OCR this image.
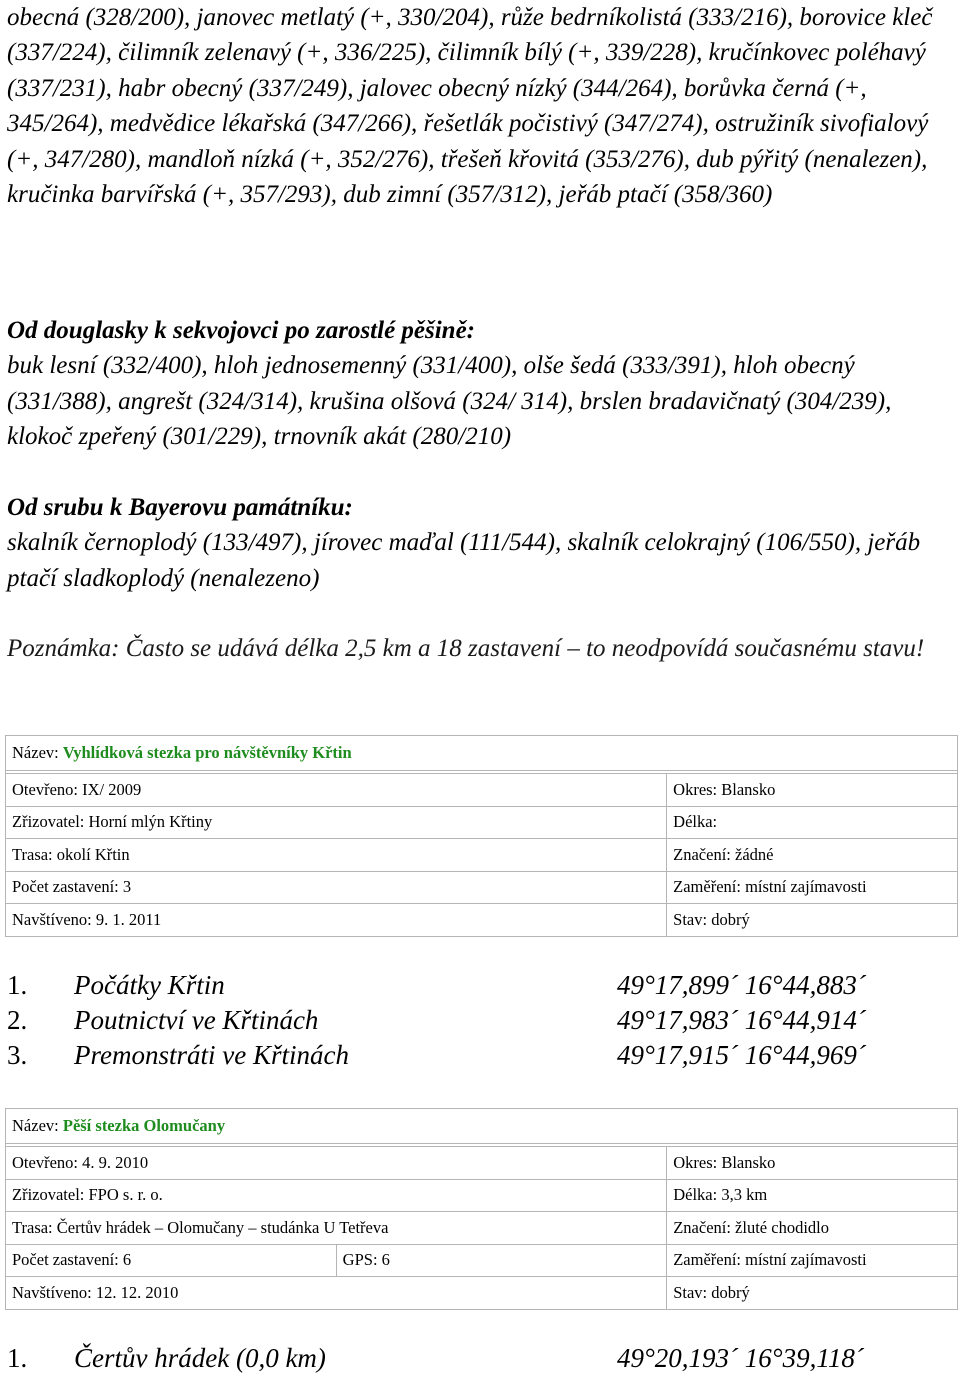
obecná (328/200), janovec metlatý (+, 330/204), růže bedrníkolistá (333/216), borovice kleč (337/224), čilimník zelenavý (+, 336/225), čilimník bílý (+, 339/228), kručínkovec poléhavý (337/231), habr obecný (337/249), jalovec obecný nízký (344/264), borůvka černá (+, 345/264), medvědice lékařská (347/266), řešetlák počistivý (347/274), ostružiník sivofialový (+, 347/280), mandloň nízká (+, 352/276), třešeň křovitá (353/276), dub pýřitý (nenalezen), kručinka barvířská (+, 357/293), dub zimní (357/312), jeřáb ptačí (358/360)

Od douglasky k sekvojovci po zarostlé pěšině:
buk lesní (332/400), hloh jednosemenný (331/400), olše šedá (333/391), hloh obecný (331/388), angrešt (324/314), krušina olšová (324/ 314), brslen bradavičnatý (304/239), klokoč zpeřený (301/229), trnovník akát (280/210)
Od srubu k Bayerovu památníku:
skalník černoplodý (133/497), jírovec maďal (111/544), skalník celokrajný (106/550), jeřáb ptačí sladkoplodý (nenalezeno)

Poznámka: Často se udává délka 2,5 km a 18 zastavení – to neodpovídá současnému stavu!

Název: Vyhlídková stezka pro návštěvníky Křtin	

Otevřeno: IX/ 2009	Okres: Blansko
Zřizovatel: Horní mlýn Křtiny	Délka:
Trasa: okolí Křtin	Značení: žádné
Počet zastavení: 3	Zaměření: místní zajímavosti
Navštíveno: 9. 1. 2011	Stav: dobrý
1. Počátky Křtin	49°17,899´ 16°44,883´
2. Poutnictví ve Křtinách	49°17,983´ 16°44,914´
3. Premonstráti ve Křtinách	49°17,915´ 16°44,969´
Název: Pěší stezka Olomučany		

Otevřeno: 4. 9. 2010		Okres: Blansko
Zřizovatel: FPO s. r. o.		Délka: 3,3 km
Trasa: Čertův hrádek – Olomučany – studánka U Tetřeva		Značení: žluté chodidlo
Počet zastavení: 6	GPS: 6	Zaměření: místní zajímavosti
Navštíveno: 12. 12. 2010		Stav: dobrý
1. Čertův hrádek (0,0 km)	49°20,193´ 16°39,118´
